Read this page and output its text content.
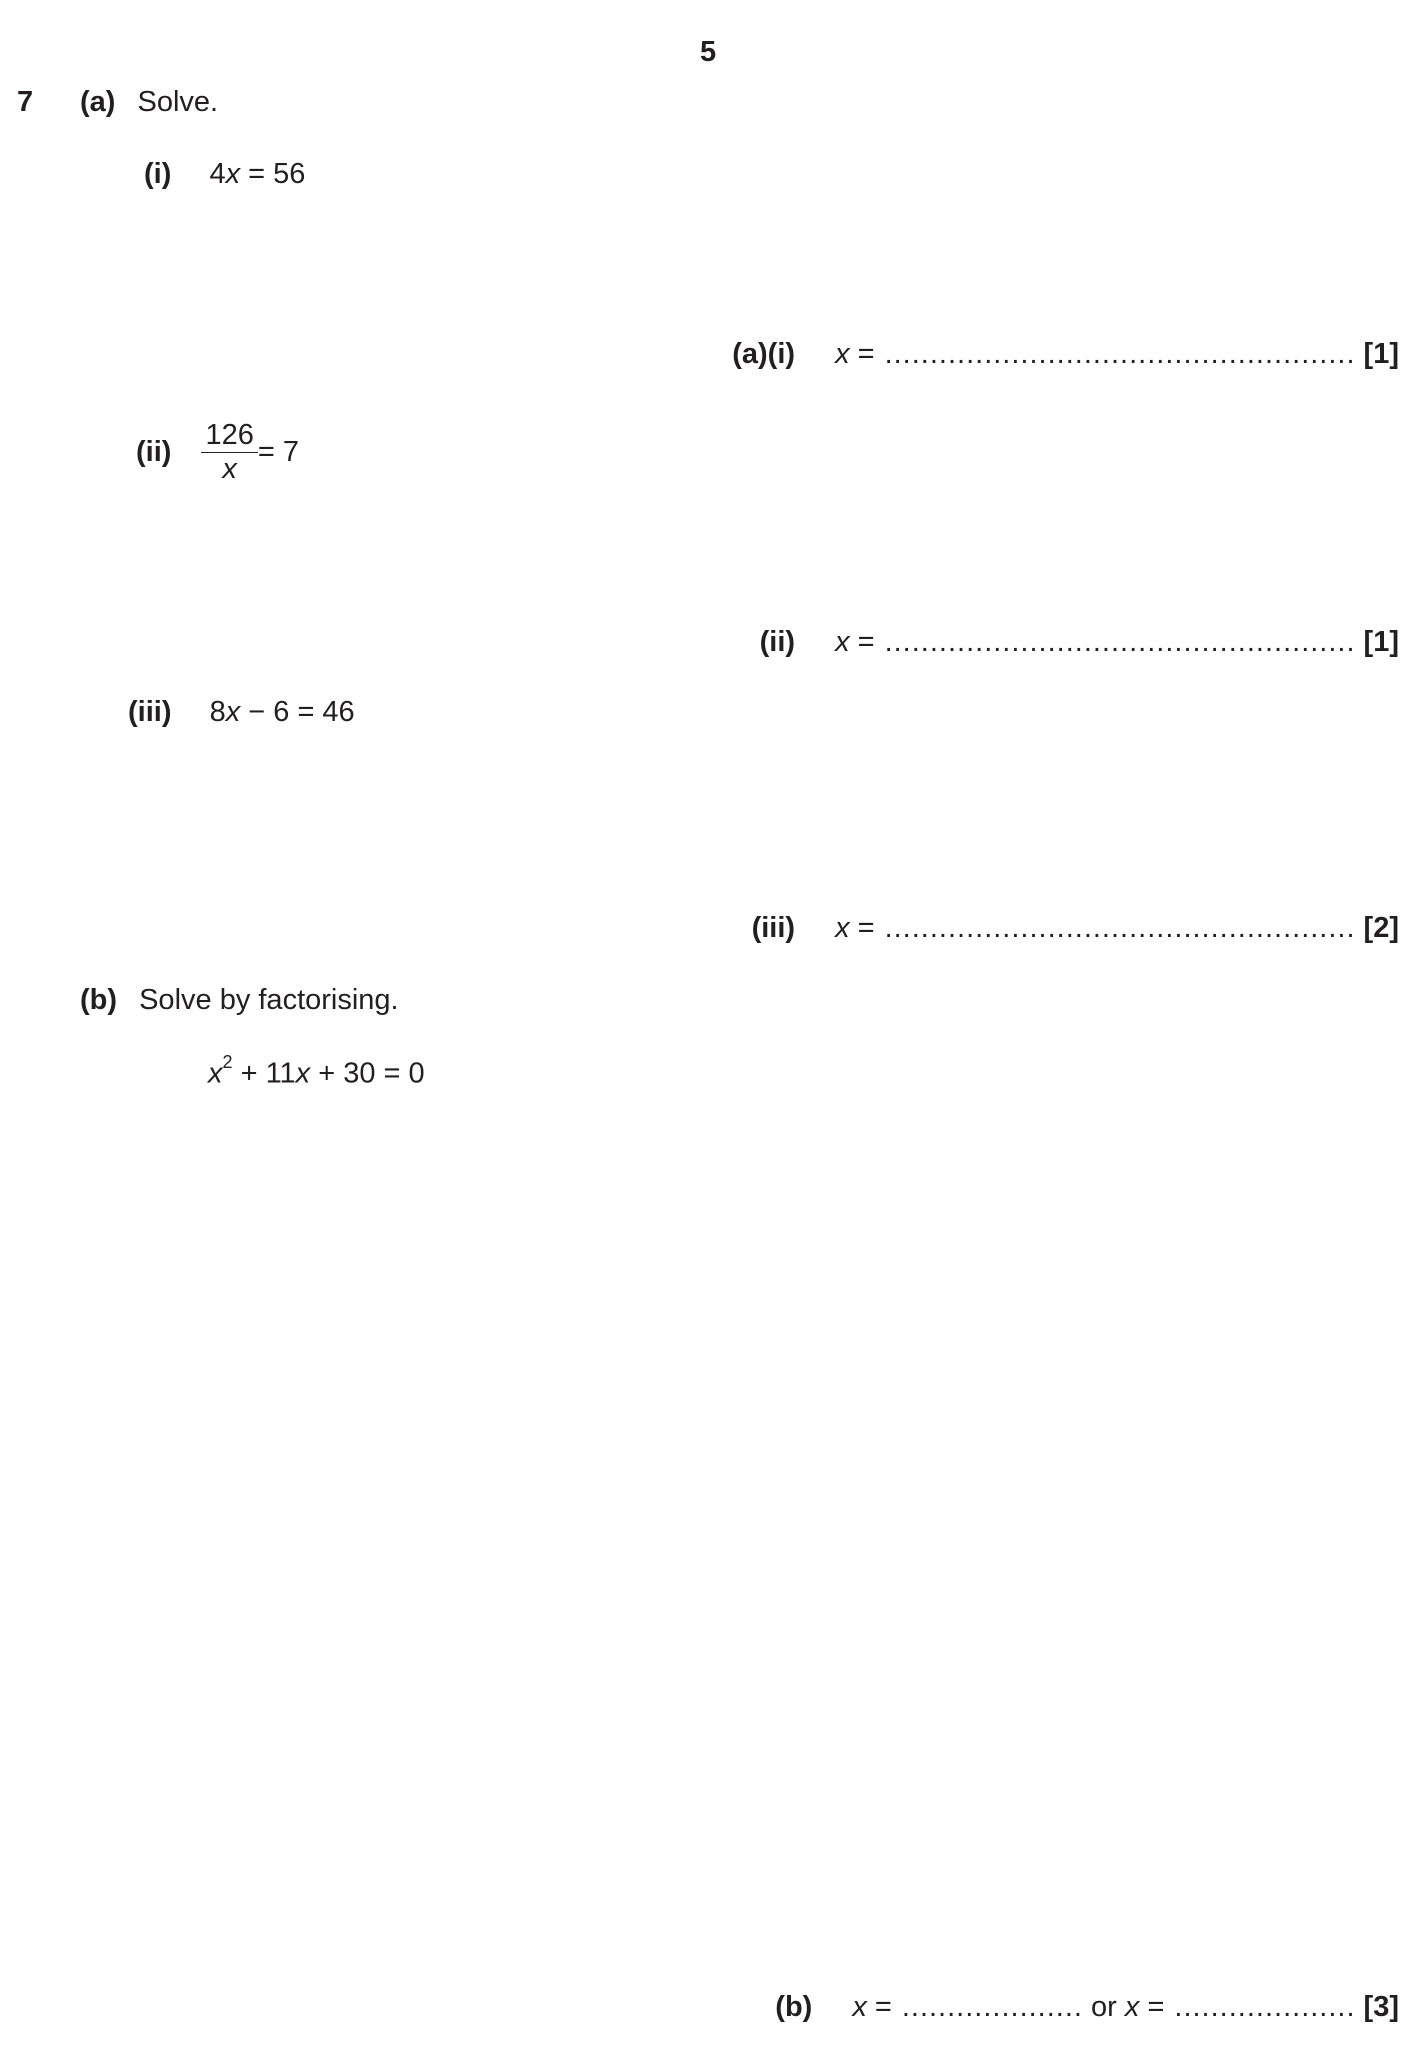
5
7 (a) Solve.
(i) 4x = 56
(a)(i) x = .................................................... [1]
$(ii) \frac{126}{x} = 7$
(ii) x = .................................................... [1]
(iii) 8x − 6 = 46
(iii) x = .................................................... [2]
(b) Solve by factorising.
$x^2 + 11x + 30 = 0$
(b) x = .................... or x = .................... [3]
